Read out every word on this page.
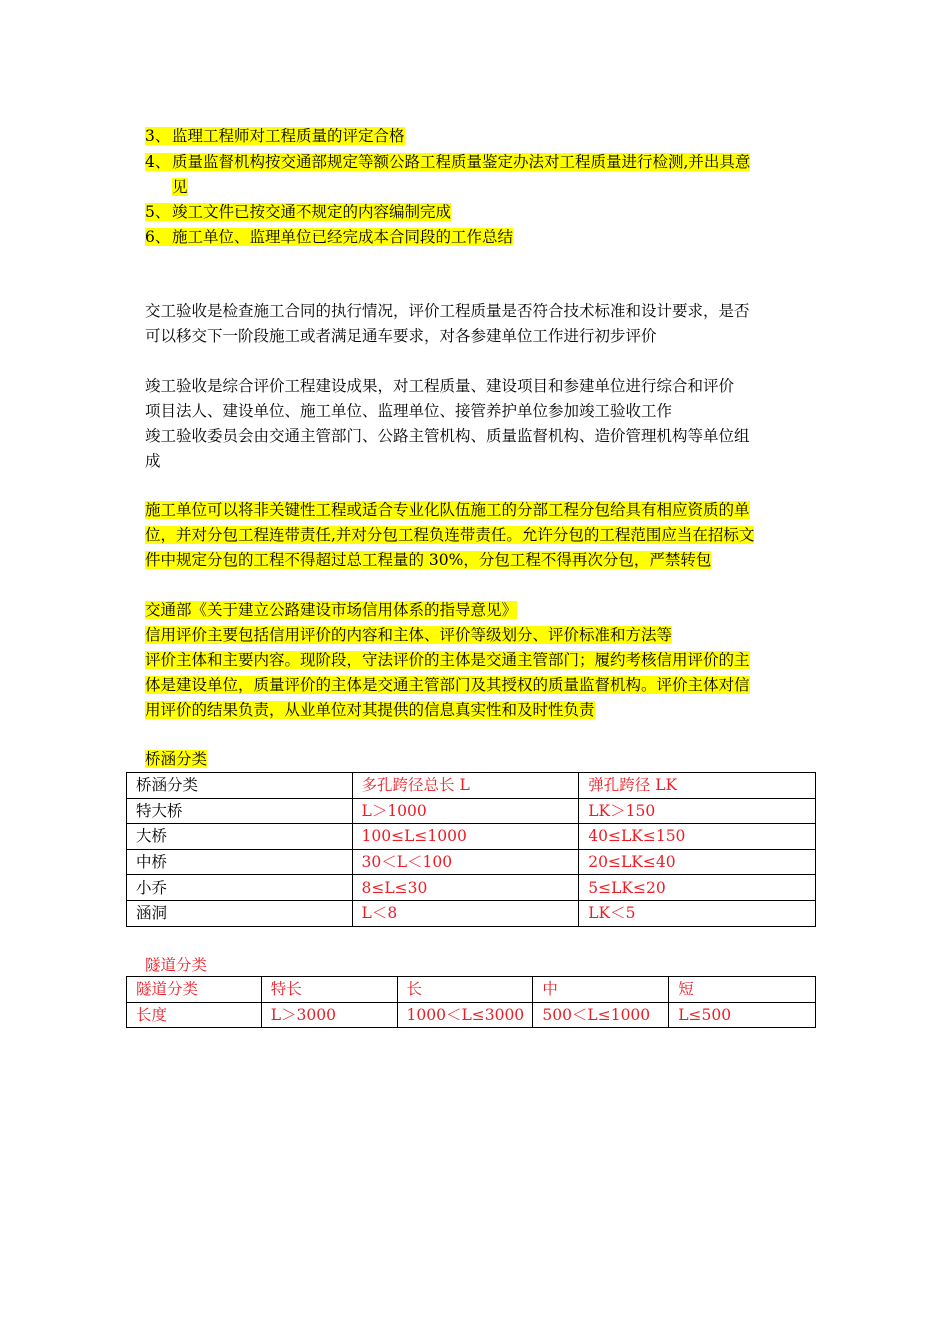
3、 监理工程师对工程质量的评定合格
4、 质量监督机构按交通部规定等额公路工程质量鉴定办法对工程质量进行检测,并出具意
见
5、 竣工文件已按交通不规定的内容编制完成
6、 施工单位、监理单位已经完成本合同段的工作总结
交工验收是检查施工合同的执行情况，评价工程质量是否符合技术标准和设计要求，是否
可以移交下一阶段施工或者满足通车要求，对各参建单位工作进行初步评价
竣工验收是综合评价工程建设成果，对工程质量、建设项目和参建单位进行综合和评价
项目法人、建设单位、施工单位、监理单位、接管养护单位参加竣工验收工作
竣工验收委员会由交通主管部门、公路主管机构、质量监督机构、造价管理机构等单位组
成
施工单位可以将非关键性工程或适合专业化队伍施工的分部工程分包给具有相应资质的单
位，并对分包工程连带责任,并对分包工程负连带责任。允许分包的工程范围应当在招标文
件中规定分包的工程不得超过总工程量的 30%，分包工程不得再次分包，严禁转包
交通部《关于建立公路建设市场信用体系的指导意见》
信用评价主要包括信用评价的内容和主体、评价等级划分、评价标准和方法等
评价主体和主要内容。现阶段，守法评价的主体是交通主管部门；履约考核信用评价的主
体是建设单位，质量评价的主体是交通主管部门及其授权的质量监督机构。评价主体对信
用评价的结果负责，从业单位对其提供的信息真实性和及时性负责
桥涵分类
桥涵分类	多孔跨径总长 L	弹孔跨径 LK
特大桥	L＞1000	LK＞150
大桥	100≤L≤1000	40≤LK≤150
中桥	30＜L＜100	20≤LK≤40
小乔	8≤L≤30	5≤LK≤20
涵洞	L＜8	LK＜5
隧道分类
隧道分类	特长	长	中	短
长度	L＞3000	1000＜L≤3000	500＜L≤1000	L≤500
